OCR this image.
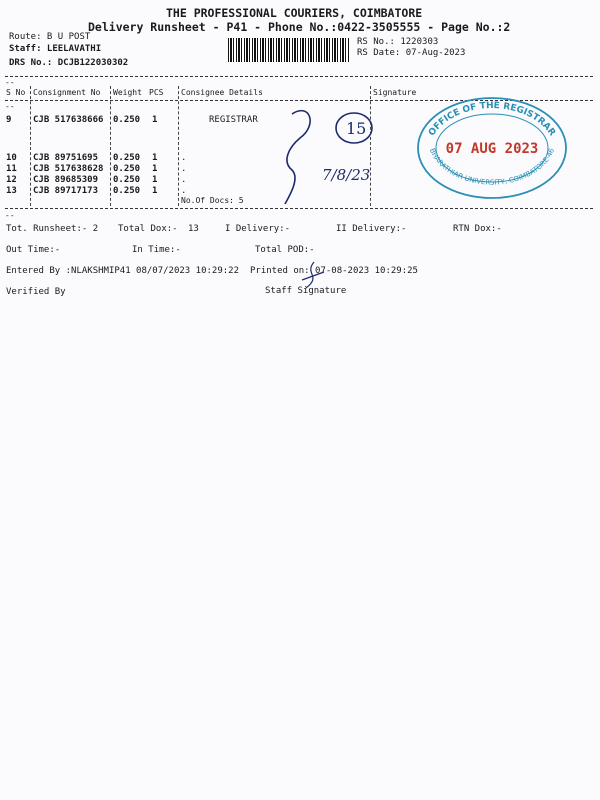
THE PROFESSIONAL COURIERS, COIMBATORE
Delivery Runsheet - P41 - Phone No.:0422-3505555 - Page No.:2
Route: B U POST
Staff: LEELAVATHI
DRS No.: DCJB122030302
RS No.: 1220303
RS Date: 07-Aug-2023
--
S No Consignment No Weight PCS Consignee Details	Signature
--
9 CJB 517638666 0.250 1	REGISTRAR
10 CJB 89751695 0.250 1	.
11 CJB 517638628 0.250 1	.
12 CJB 89685309 0.250 1	.
13 CJB 89717173 0.250 1	.
No.Of Docs: 5
--
Tot. Runsheet:- 2 Total Dox:- 13	I Delivery:-	II Delivery:-	RTN Dox:-
Out Time:-	In Time:-	Total POD:-
Entered By :NLAKSHMIP41 08/07/2023 10:29:22 Printed on: 07-08-2023 10:29:25
Verified By	Staff Signature
15
7/8/23
OFFICE OF THE REGISTRAR
BHARATHIAR UNIVERSITY, COIMBATORE-46
07 AUG 2023
